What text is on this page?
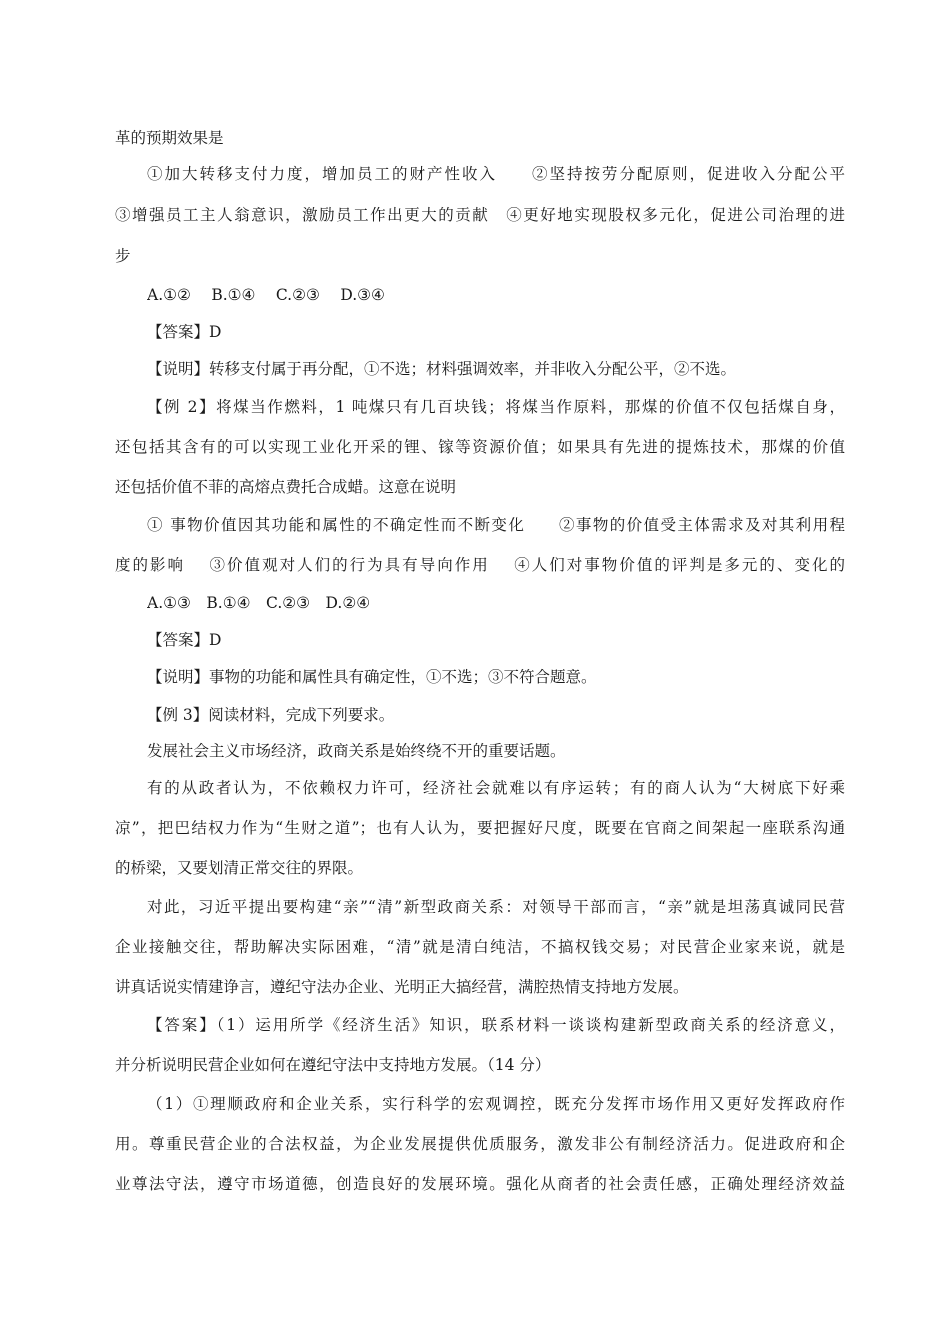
革的预期效果是
①加大转移支付力度，增加员工的财产性收入　　②坚持按劳分配原则，促进收入分配公平
③增强员工主人翁意识，激励员工作出更大的贡献　④更好地实现股权多元化，促进公司治理的进
步
A.①②　 B.①④　 C.②③　 D.③④
【答案】D
【说明】转移支付属于再分配，①不选；材料强调效率，并非收入分配公平，②不选。
【例 2】将煤当作燃料，1 吨煤只有几百块钱；将煤当作原料，那煤的价值不仅包括煤自身，
还包括其含有的可以实现工业化开采的锂、镓等资源价值；如果具有先进的提炼技术，那煤的价值
还包括价值不菲的高熔点费托合成蜡。这意在说明
① 事物价值因其功能和属性的不确定性而不断变化　　②事物的价值受主体需求及对其利用程
度的影响　 ③价值观对人们的行为具有导向作用　 ④人们对事物价值的评判是多元的、变化的
A.①③　B.①④　C.②③　D.②④
【答案】D
【说明】事物的功能和属性具有确定性，①不选；③不符合题意。
【例 3】阅读材料，完成下列要求。
发展社会主义市场经济，政商关系是始终绕不开的重要话题。
有的从政者认为，不依赖权力许可，经济社会就难以有序运转；有的商人认为“大树底下好乘
凉”，把巴结权力作为“生财之道”；也有人认为，要把握好尺度，既要在官商之间架起一座联系沟通
的桥梁，又要划清正常交往的界限。
对此，习近平提出要构建“亲”“清”新型政商关系：对领导干部而言，“亲”就是坦荡真诚同民营
企业接触交往，帮助解决实际困难，“清”就是清白纯洁，不搞权钱交易；对民营企业家来说，就是
讲真话说实情建诤言，遵纪守法办企业、光明正大搞经营，满腔热情支持地方发展。
【答案】（1）运用所学《经济生活》知识，联系材料一谈谈构建新型政商关系的经济意义，
并分析说明民营企业如何在遵纪守法中支持地方发展。（14 分）
（1）①理顺政府和企业关系，实行科学的宏观调控，既充分发挥市场作用又更好发挥政府作
用。尊重民营企业的合法权益，为企业发展提供优质服务，激发非公有制经济活力。促进政府和企
业尊法守法，遵守市场道德，创造良好的发展环境。强化从商者的社会责任感，正确处理经济效益
